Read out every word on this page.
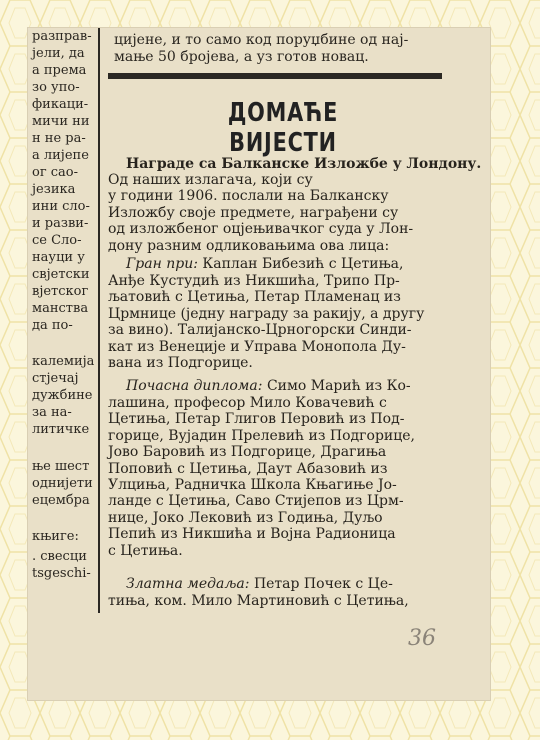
разправ-
јели, да
а према
зо упо-
фикаци-
мичи ни
н не ра-
а лијепе
ог сао-
језика
ини сло-
и разви-
се Сло-
науци у
свјетски
вјетског
манства
да по-
калемија
стјечај
дужбине
за на-
литичке
ње шест
однијети
ецембра
књиге:
. свесци
tsgeschi-
цијене, и то само код поруџбине од нај-
мање 50 бројева, а уз готов новац.
ДОМАЋЕ ВИЈЕСТИ
Награде са Балканске Изложбе у Лондону.
Од наших излагача, који су
у години 1906. послали на Балканску
Изложбу своје предмете, награђени су
од изложбеног оцјењивачког суда у Лон-
дону разним одликовањима ова лица:
Гран при: Каплан Бибезић с Цетиња,
Анђе Кустудић из Никшића, Трипо Пр-
љатовић с Цетиња, Петар Пламенац из
Црмнице (једну награду за ракију, а другу
за вино). Талијанско-Црногорски Синди-
кат из Венеције и Управа Монопола Ду-
вана из Подгорице.
Почасна диплома: Симо Марић из Ко-
лашина, професор Мило Ковачевић с
Цетиња, Петар Глигов Перовић из Под-
горице, Вујадин Прелевић из Подгорице,
Јово Баровић из Подгорице, Драгиња
Поповић с Цетиња, Даут Абазовић из
Улциња, Радничка Школа Књагиње Јо-
ланде с Цетиња, Саво Стијепов из Црм-
нице, Јоко Лековић из Годиња, Дуљо
Пепић из Никшића и Војна Радионица
с Цетиња.
Златна медаља: Петар Почек с Це-
тиња, ком. Мило Мартиновић с Цетиња,
36
